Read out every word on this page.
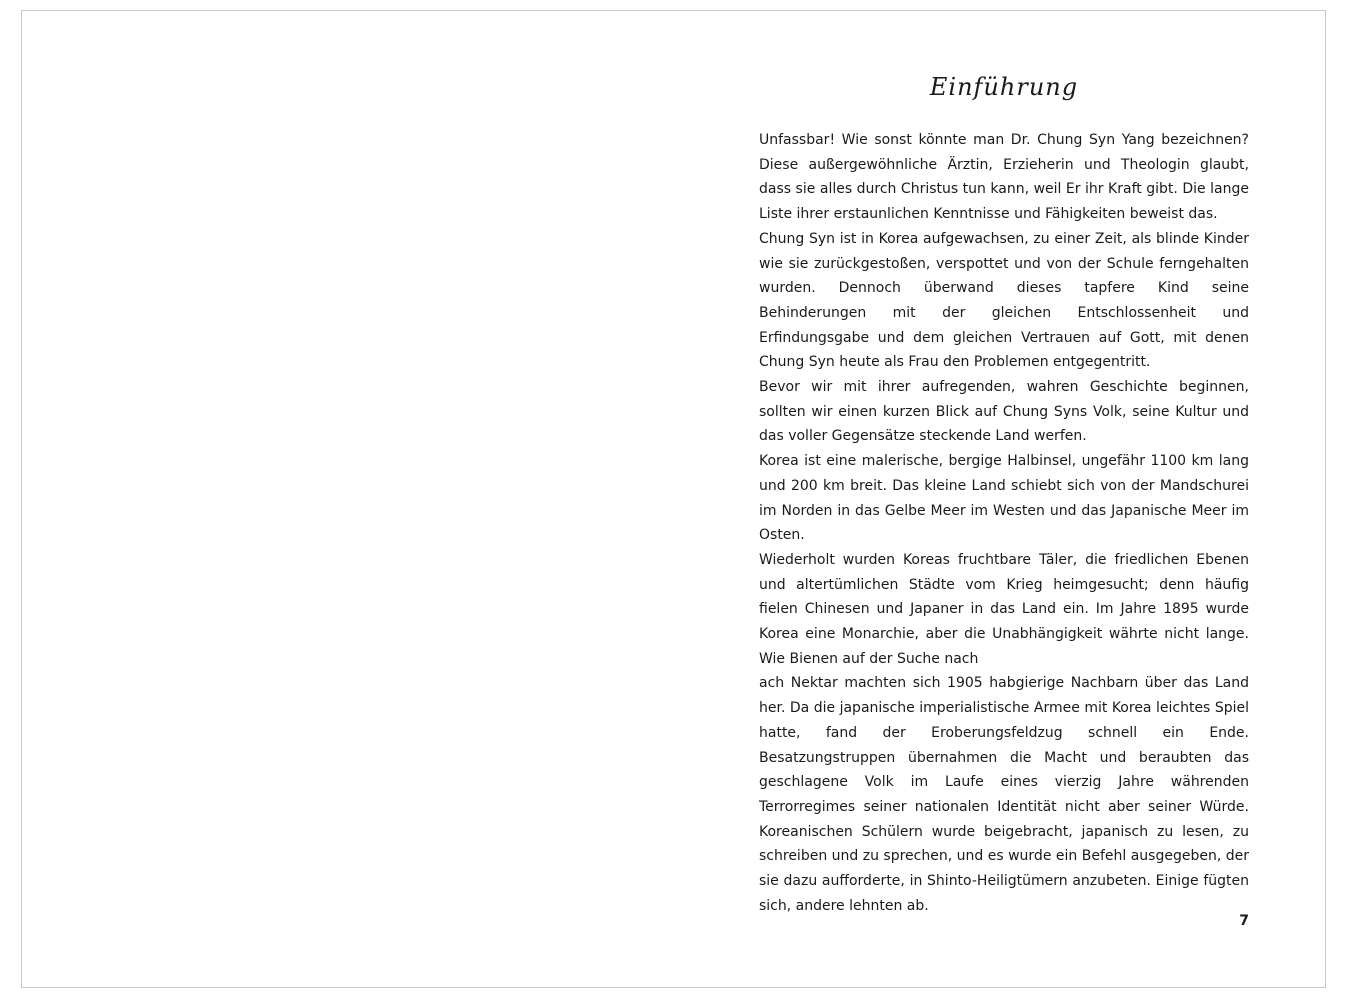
Einführung

Unfassbar! Wie sonst könnte man Dr. Chung Syn Yang bezeichnen? Diese außergewöhnliche Ärztin, Erzieherin und Theologin glaubt, dass sie alles durch Christus tun kann, weil Er ihr Kraft gibt. Die lange Liste ihrer erstaunlichen Kenntnisse und Fähigkeiten beweist das.

Chung Syn ist in Korea aufgewachsen, zu einer Zeit, als blinde Kinder wie sie zurückgestoßen, verspottet und von der Schule ferngehalten wurden. Dennoch überwand dieses tapfere Kind seine Behinderungen mit der gleichen Entschlossenheit und Erfindungsgabe und dem gleichen Vertrauen auf Gott, mit denen Chung Syn heute als Frau den Problemen entgegentritt.

Bevor wir mit ihrer aufregenden, wahren Geschichte beginnen, sollten wir einen kurzen Blick auf Chung Syns Volk, seine Kultur und das voller Gegensätze steckende Land werfen.

Korea ist eine malerische, bergige Halbinsel, ungefähr 1100 km lang und 200 km breit. Das kleine Land schiebt sich von der Mandschurei im Norden in das Gelbe Meer im Westen und das Japanische Meer im Osten.

Wiederholt wurden Koreas fruchtbare Täler, die friedlichen Ebenen und altertümlichen Städte vom Krieg heimgesucht; denn häufig fielen Chinesen und Japaner in das Land ein. Im Jahre 1895 wurde Korea eine Monarchie, aber die Unabhängigkeit währte nicht lange. Wie Bienen auf der Suche nach

ach Nektar machten sich 1905 habgierige Nachbarn über das Land her. Da die japanische imperialistische Armee mit Korea leichtes Spiel hatte, fand der Eroberungsfeldzug schnell ein Ende. Besatzungstruppen übernahmen die Macht und beraubten das geschlagene Volk im Laufe eines vierzig Jahre währenden Terrorregimes seiner nationalen Identität nicht aber seiner Würde. Koreanischen Schülern wurde beigebracht, japanisch zu lesen, zu schreiben und zu sprechen, und es wurde ein Befehl ausgegeben, der sie dazu aufforderte, in Shinto-Heiligtümern anzubeten. Einige fügten sich, andere lehnten ab.

7
